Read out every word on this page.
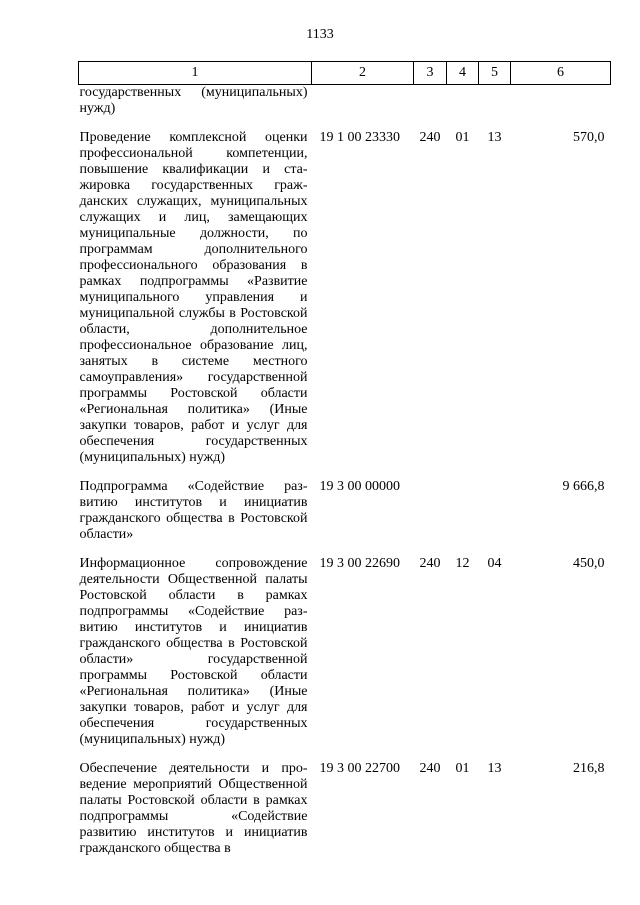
1133
1	2	3	4	5	6
государственных (муниципальных) нужд)					

Проведение комплексной оценки профессиональной компетенции, повышение квалификации и стажировка государственных гражданских служащих, муниципальных служащих и лиц, замещающих муниципальные должности, по программам дополнительного профессионального образования в рамках подпрограммы «Развитие муниципального управления и муниципальной службы в Ростовской области, дополнительное профессиональное образование лиц, занятых в системе местного самоуправления» государственной программы Ростовской области «Региональная политика» (Иные закупки товаров, работ и услуг для обеспечения государственных (муниципальных) нужд)	19 1 00 23330	240	01	13	570,0

Подпрограмма «Содействие развитию институтов и инициатив гражданского общества в Ростовской области»	19 3 00 00000				9 666,8

Информационное сопровождение деятельности Общественной палаты Ростовской области в рамках подпрограммы «Содействие развитию институтов и инициатив гражданского общества в Ростовской области» государственной программы Ростовской области «Региональная политика» (Иные закупки товаров, работ и услуг для обеспечения государственных (муниципальных) нужд)	19 3 00 22690	240	12	04	450,0

Обеспечение деятельности и проведение мероприятий Общественной палаты Ростовской области в рамках подпрограммы «Содействие развитию институтов и инициатив гражданского общества в	19 3 00 22700	240	01	13	216,8
